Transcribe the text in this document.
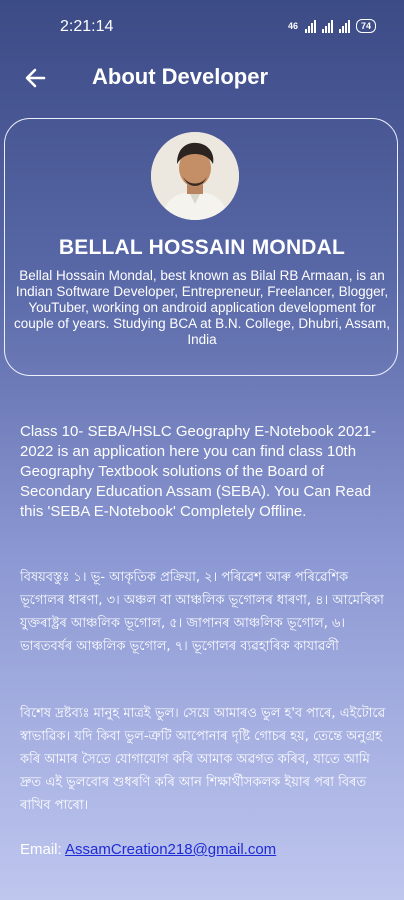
2:21:14	46	74
About Developer
BELLAL HOSSAIN MONDAL
Bellal Hossain Mondal, best known as Bilal RB Armaan, is an Indian Software Developer, Entrepreneur, Freelancer, Blogger, YouTuber, working on android application development for couple of years. Studying BCA at B.N. College, Dhubri, Assam, India
Class 10- SEBA/HSLC Geography E-Notebook 2021-2022 is an application here you can find class 10th Geography Textbook solutions of the Board of Secondary Education Assam (SEBA). You Can Read this 'SEBA E-Notebook' Completely Offline.
বিষয়বস্তুঃ ১। ভূ- আকৃতিক প্ৰক্ৰিয়া, ২। পৰিৱেশ আৰু পৰিৱেশিক ভূগোলৰ ধাৰণা, ৩। অঞ্চল বা আঞ্চলিক ভূগোলৰ ধাৰণা, ৪। আমেৰিকা যুক্তৰাষ্ট্ৰৰ আঞ্চলিক ভূগোল, ৫। জাপানৰ আঞ্চলিক ভূগোল, ৬। ভাৰতবৰ্ষৰ আঞ্চলিক ভূগোল, ৭। ভূগোলৰ ব্যৱহাৰিক কাযাৱলী
বিশেষ দ্ৰষ্টব্যঃ মানুহ মাত্ৰই ভুল। সেয়ে আমাৰও ভুল হ'ব পাৰে, এইটোৱে স্বাভাৱিক। যদি কিবা ভুল-ত্ৰুটি আপোনাৰ দৃষ্টি গোচৰ হয়, তেন্তে অনুগ্ৰহ কৰি আমাৰ সৈতে যোগাযোগ কৰি আমাক অৱগত কৰিব, যাতে আমি দ্ৰুত এই ভুলবোৰ শুধৰণি কৰি আন শিক্ষাৰ্থীসকলক ইয়াৰ পৰা বিৰত ৰাখিব পাৰো।
Email: AssamCreation218@gmail.com
